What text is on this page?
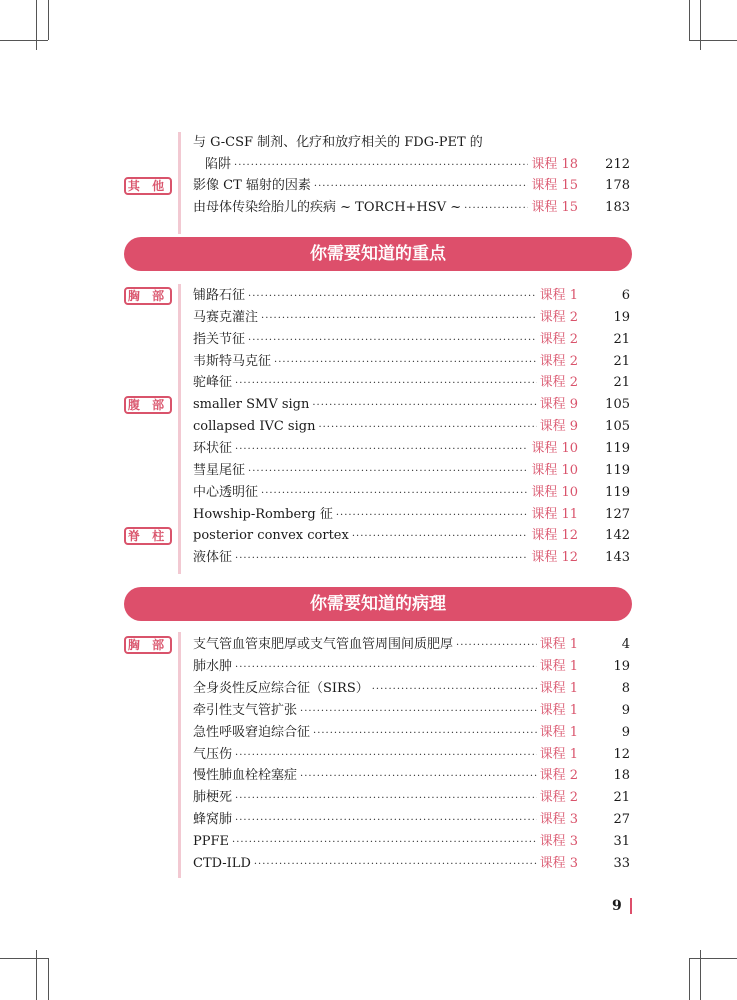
与 G-CSF 制剂、化疗和放疗相关的 FDG-PET 的
陷阱 ·····	课程 18	212
其 他	影像 CT 辐射的因素 ·····	课程 15	178
由母体传染给胎儿的疾病 ~ TORCH+HSV ~ ·····	课程 15	183
你需要知道的重点
胸 部
腹 部
脊 柱
铺路石征 ·····	课程 1	6
马赛克灌注 ·····	课程 2	19
指关节征 ·····	课程 2	21
韦斯特马克征 ·····	课程 2	21
驼峰征 ·····	课程 2	21
smaller SMV sign ·····	课程 9	105
collapsed IVC sign ·····	课程 9	105
环状征 ·····	课程 10	119
彗星尾征 ·····	课程 10	119
中心透明征 ·····	课程 10	119
Howship-Romberg 征 ·····	课程 11	127
posterior convex cortex ·····	课程 12	142
液体征 ·····	课程 12	143
你需要知道的病理
胸 部	支气管血管束肥厚或支气管血管周围间质肥厚 ·····	课程 1	4
肺水肿 ·····	课程 1	19
全身炎性反应综合征（SIRS） ·····	课程 1	8
牵引性支气管扩张 ·····	课程 1	9
急性呼吸窘迫综合征 ·····	课程 1	9
气压伤 ·····	课程 1	12
慢性肺血栓栓塞症 ·····	课程 2	18
肺梗死 ·····	课程 2	21
蜂窝肺 ·····	课程 3	27
PPFE ·····	课程 3	31
CTD-ILD ·····	课程 3	33
9
